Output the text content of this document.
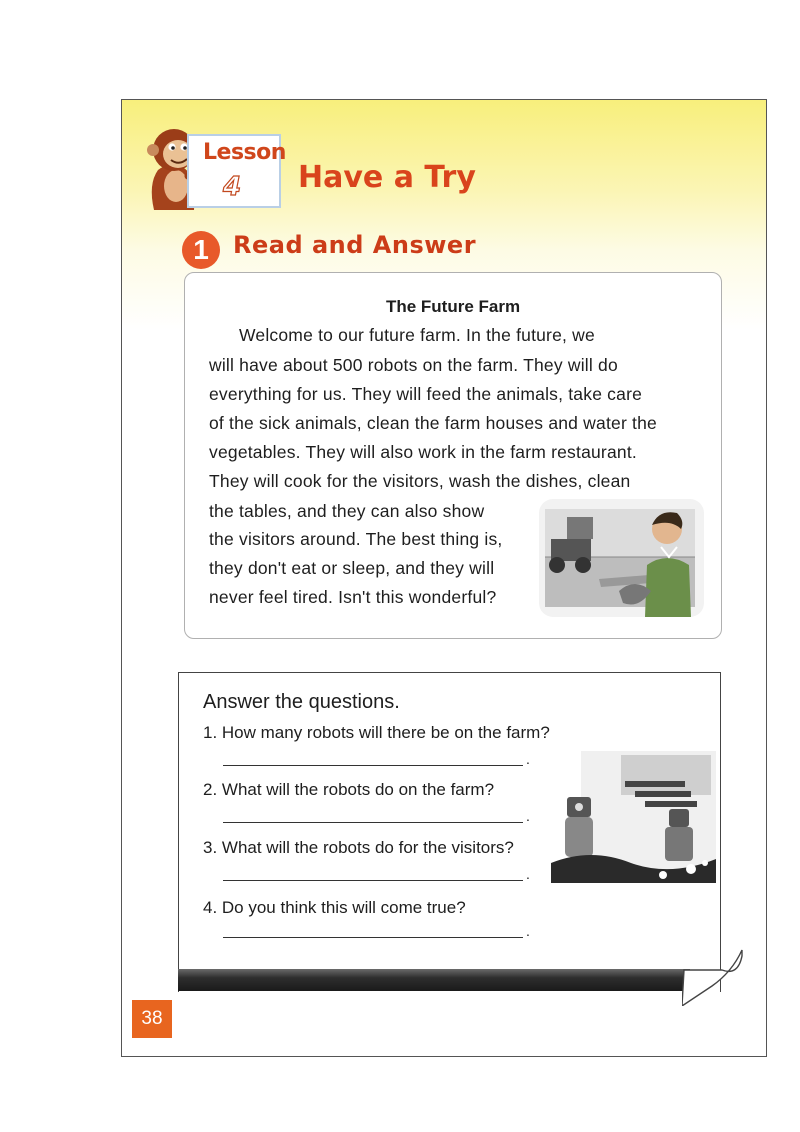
Lesson
4 Have a Try
1	Read and Answer
The Future Farm
Welcome to our future farm. In the future, we
will have about 500 robots on the farm. They will do
everything for us. They will feed the animals, take care
of the sick animals, clean the farm houses and water the
vegetables. They will also work in the farm restaurant.
They will cook for the visitors, wash the dishes, clean
the tables, and they can also show
the visitors around. The best thing is,
they don't eat or sleep, and they will
never feel tired. Isn't this wonderful?
Answer the questions.
1. How many robots will there be on the farm?
.
2. What will the robots do on the farm?
.
3. What will the robots do for the visitors?
.
4. Do you think this will come true?
.
38
